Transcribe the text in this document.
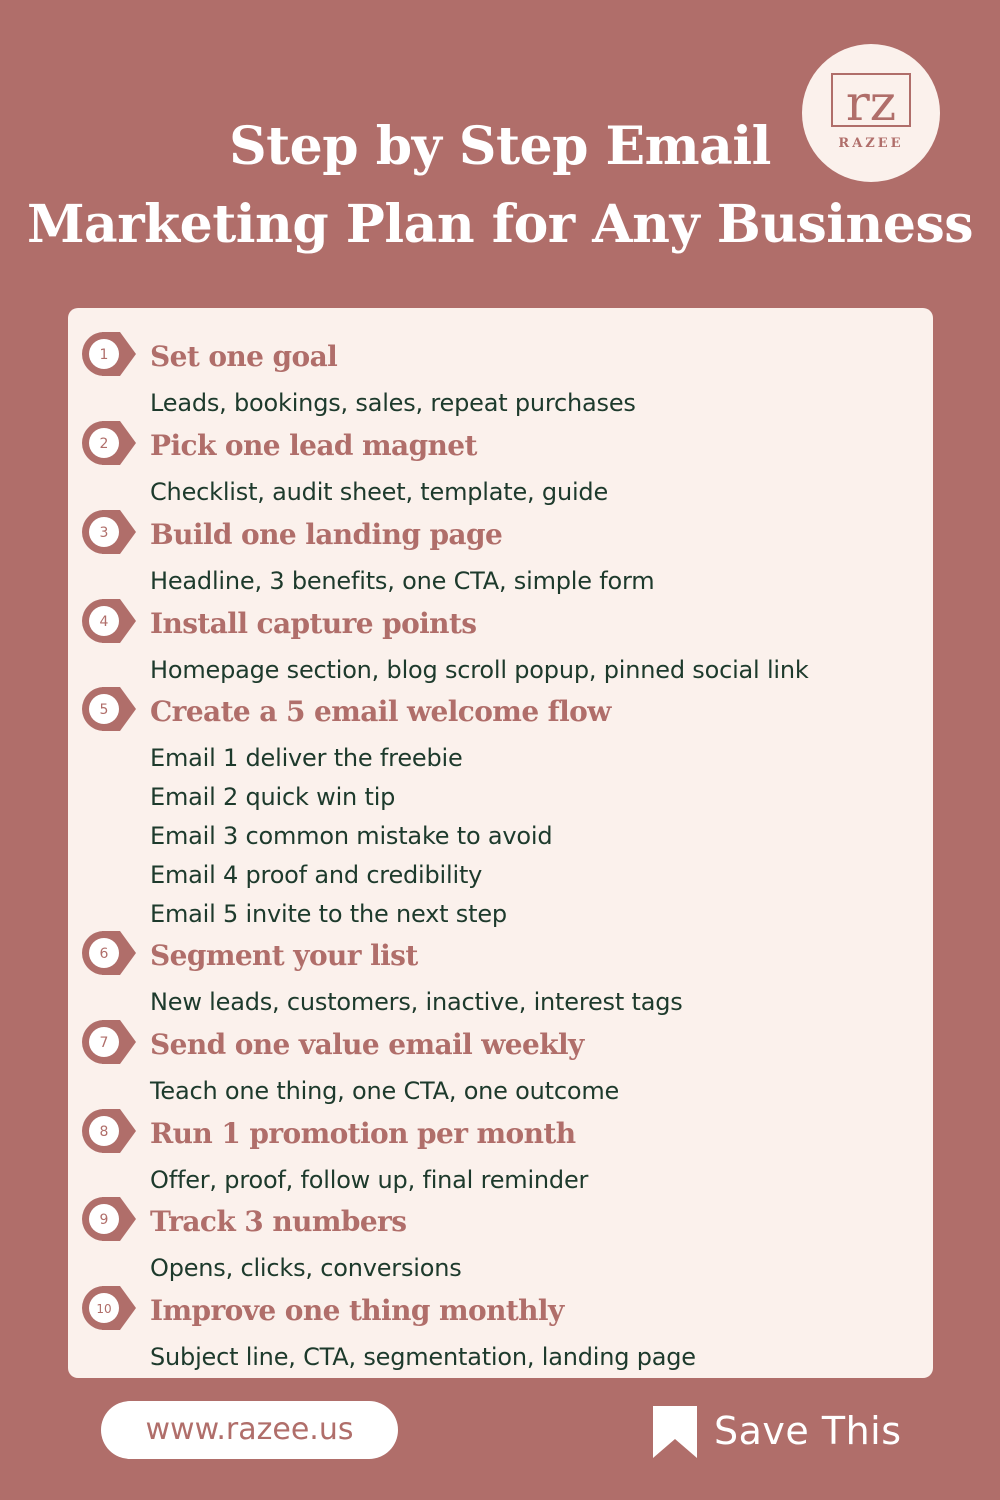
Step by Step Email
Marketing Plan for Any Business
rz
RAZEE
1 Set one goal
Leads, bookings, sales, repeat purchases
2 Pick one lead magnet
Checklist, audit sheet, template, guide
3 Build one landing page
Headline, 3 benefits, one CTA, simple form
4 Install capture points
Homepage section, blog scroll popup, pinned social link
5 Create a 5 email welcome flow
Email 1 deliver the freebie
Email 2 quick win tip
Email 3 common mistake to avoid
Email 4 proof and credibility
Email 5 invite to the next step
6 Segment your list
New leads, customers, inactive, interest tags
7 Send one value email weekly
Teach one thing, one CTA, one outcome
8 Run 1 promotion per month
Offer, proof, follow up, final reminder
9 Track 3 numbers
Opens, clicks, conversions
10 Improve one thing monthly
Subject line, CTA, segmentation, landing page
www.razee.us	Save This
